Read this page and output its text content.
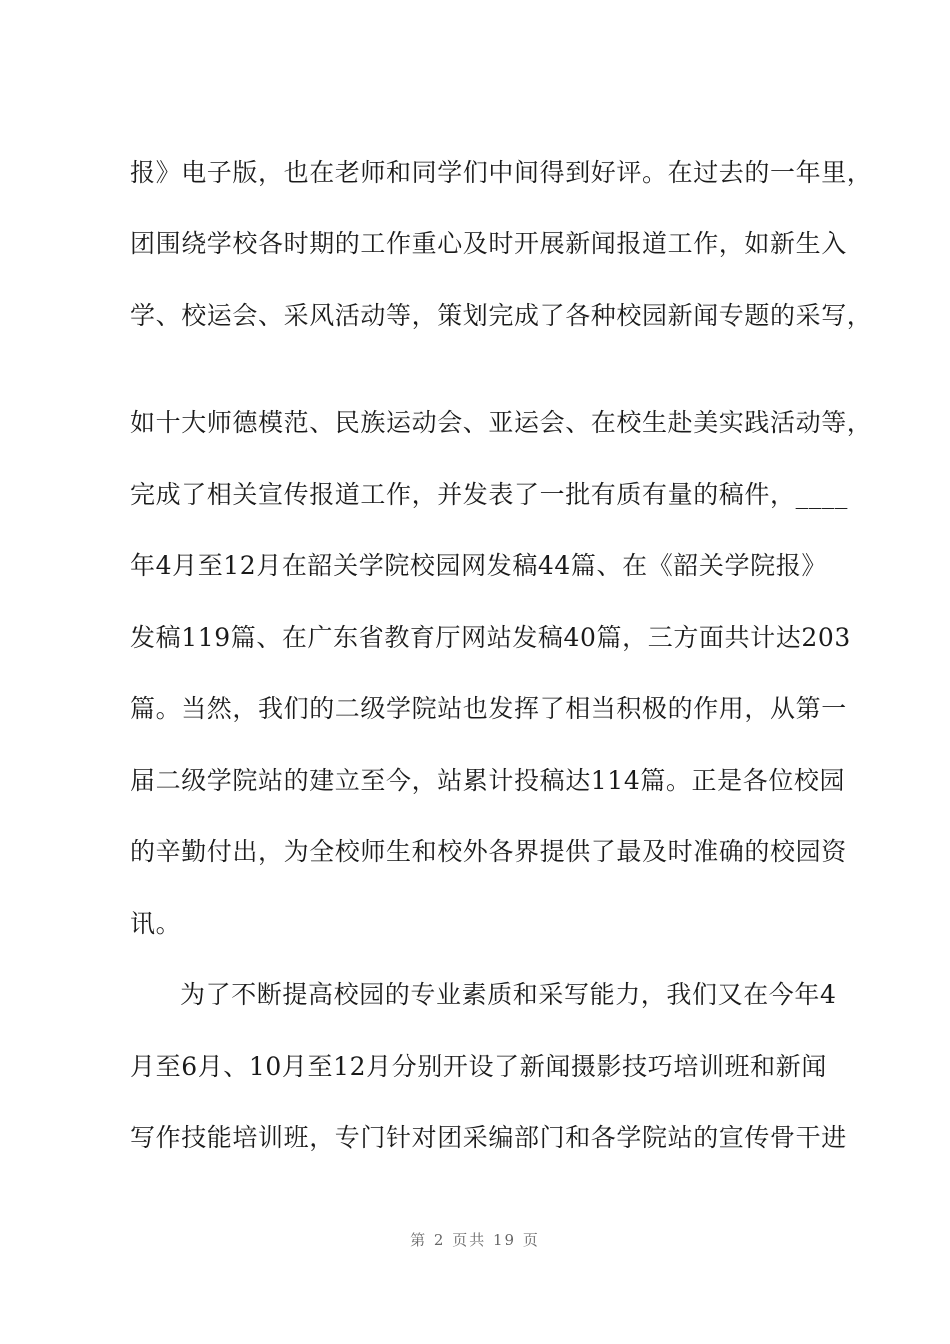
报》电子版，也在老师和同学们中间得到好评。在过去的一年里，
团围绕学校各时期的工作重心及时开展新闻报道工作，如新生入
学、校运会、采风活动等，策划完成了各种校园新闻专题的采写，
如十大师德模范、民族运动会、亚运会、在校生赴美实践活动等，
完成了相关宣传报道工作，并发表了一批有质有量的稿件，____
年4月至12月在韶关学院校园网发稿44篇、在《韶关学院报》
发稿119篇、在广东省教育厅网站发稿40篇，三方面共计达203
篇。当然，我们的二级学院站也发挥了相当积极的作用，从第一
届二级学院站的建立至今，站累计投稿达114篇。正是各位校园
的辛勤付出，为全校师生和校外各界提供了最及时准确的校园资
讯。
为了不断提高校园的专业素质和采写能力，我们又在今年4
月至6月、10月至12月分别开设了新闻摄影技巧培训班和新闻
写作技能培训班，专门针对团采编部门和各学院站的宣传骨干进
第 2 页共 19 页
